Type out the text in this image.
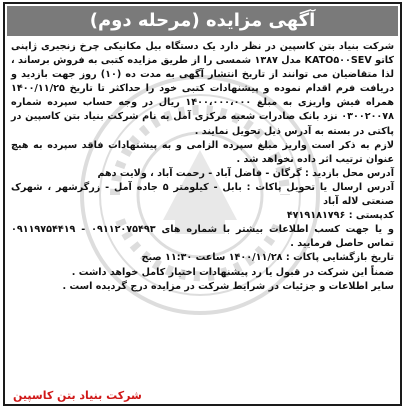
آگهی مزایده (مرحله دوم)

شرکت بنیاد بتن کاسپین در نظر دارد یک دستگاه بیل مکانیکی چرخ زنجیری ژاپنی کاتو KATO۵۰۰SEV مدل ۱۳۸۷ شمسی را از طریق مزایده کتبی به فروش برساند ، لذا متقاضیان می توانند از تاریخ انتشار آگهی به مدت ده (۱۰) روز جهت بازدید و دریافت فرم اقدام نموده و پیشنهادات کتبی خود را حداکثر تا تاریخ ۱۴۰۰/۱۱/۲۵ همراه فیش واریزی به مبلغ ۱۴۰۰،۰۰۰،۰۰۰ ریال در وجه حساب سپرده شماره ۰۳۰۰۲۰۰۷۸ نزد بانک صادرات شعبه مرکزی آمل به نام شرکت بنیاد بتن کاسپین در پاکتی در بسته به آدرس ذیل تحویل نمایند .

لازم به ذکر است واریز مبلغ سپرده الزامی و به پیشنهادات فاقد سپرده به هیچ عنوان ترتیب اثر داده نخواهد شد .

آدرس محل بازدید : گرگان - فاضل آباد - رحمت آباد ، ولایت دهم

آدرس ارسال یا تحویل پاکات : بابل - کیلومتر ۵ جاده آمل - زرگرشهر ، شهرک صنعتی لاله آباد

کدپستی : ۴۷۱۹۱۸۱۷۹۶

و یا جهت کسب اطلاعات بیشتر با شماره های ۰۹۱۱۲۰۷۵۴۹۳ - ۰۹۱۱۹۷۵۴۴۱۹ تماس حاصل فرمایید .

تاریخ بازگشایی پاکات : ۱۴۰۰/۱۱/۲۸ ساعت ۱۱:۳۰ صبح

ضمناً این شرکت در قبول یا رد پیشنهادات اختیار کامل خواهد داشت .

سایر اطلاعات و جزئیات در شرایط شرکت در مزایده درج گردیده است .

شرکت بنیاد بتن کاسپین
